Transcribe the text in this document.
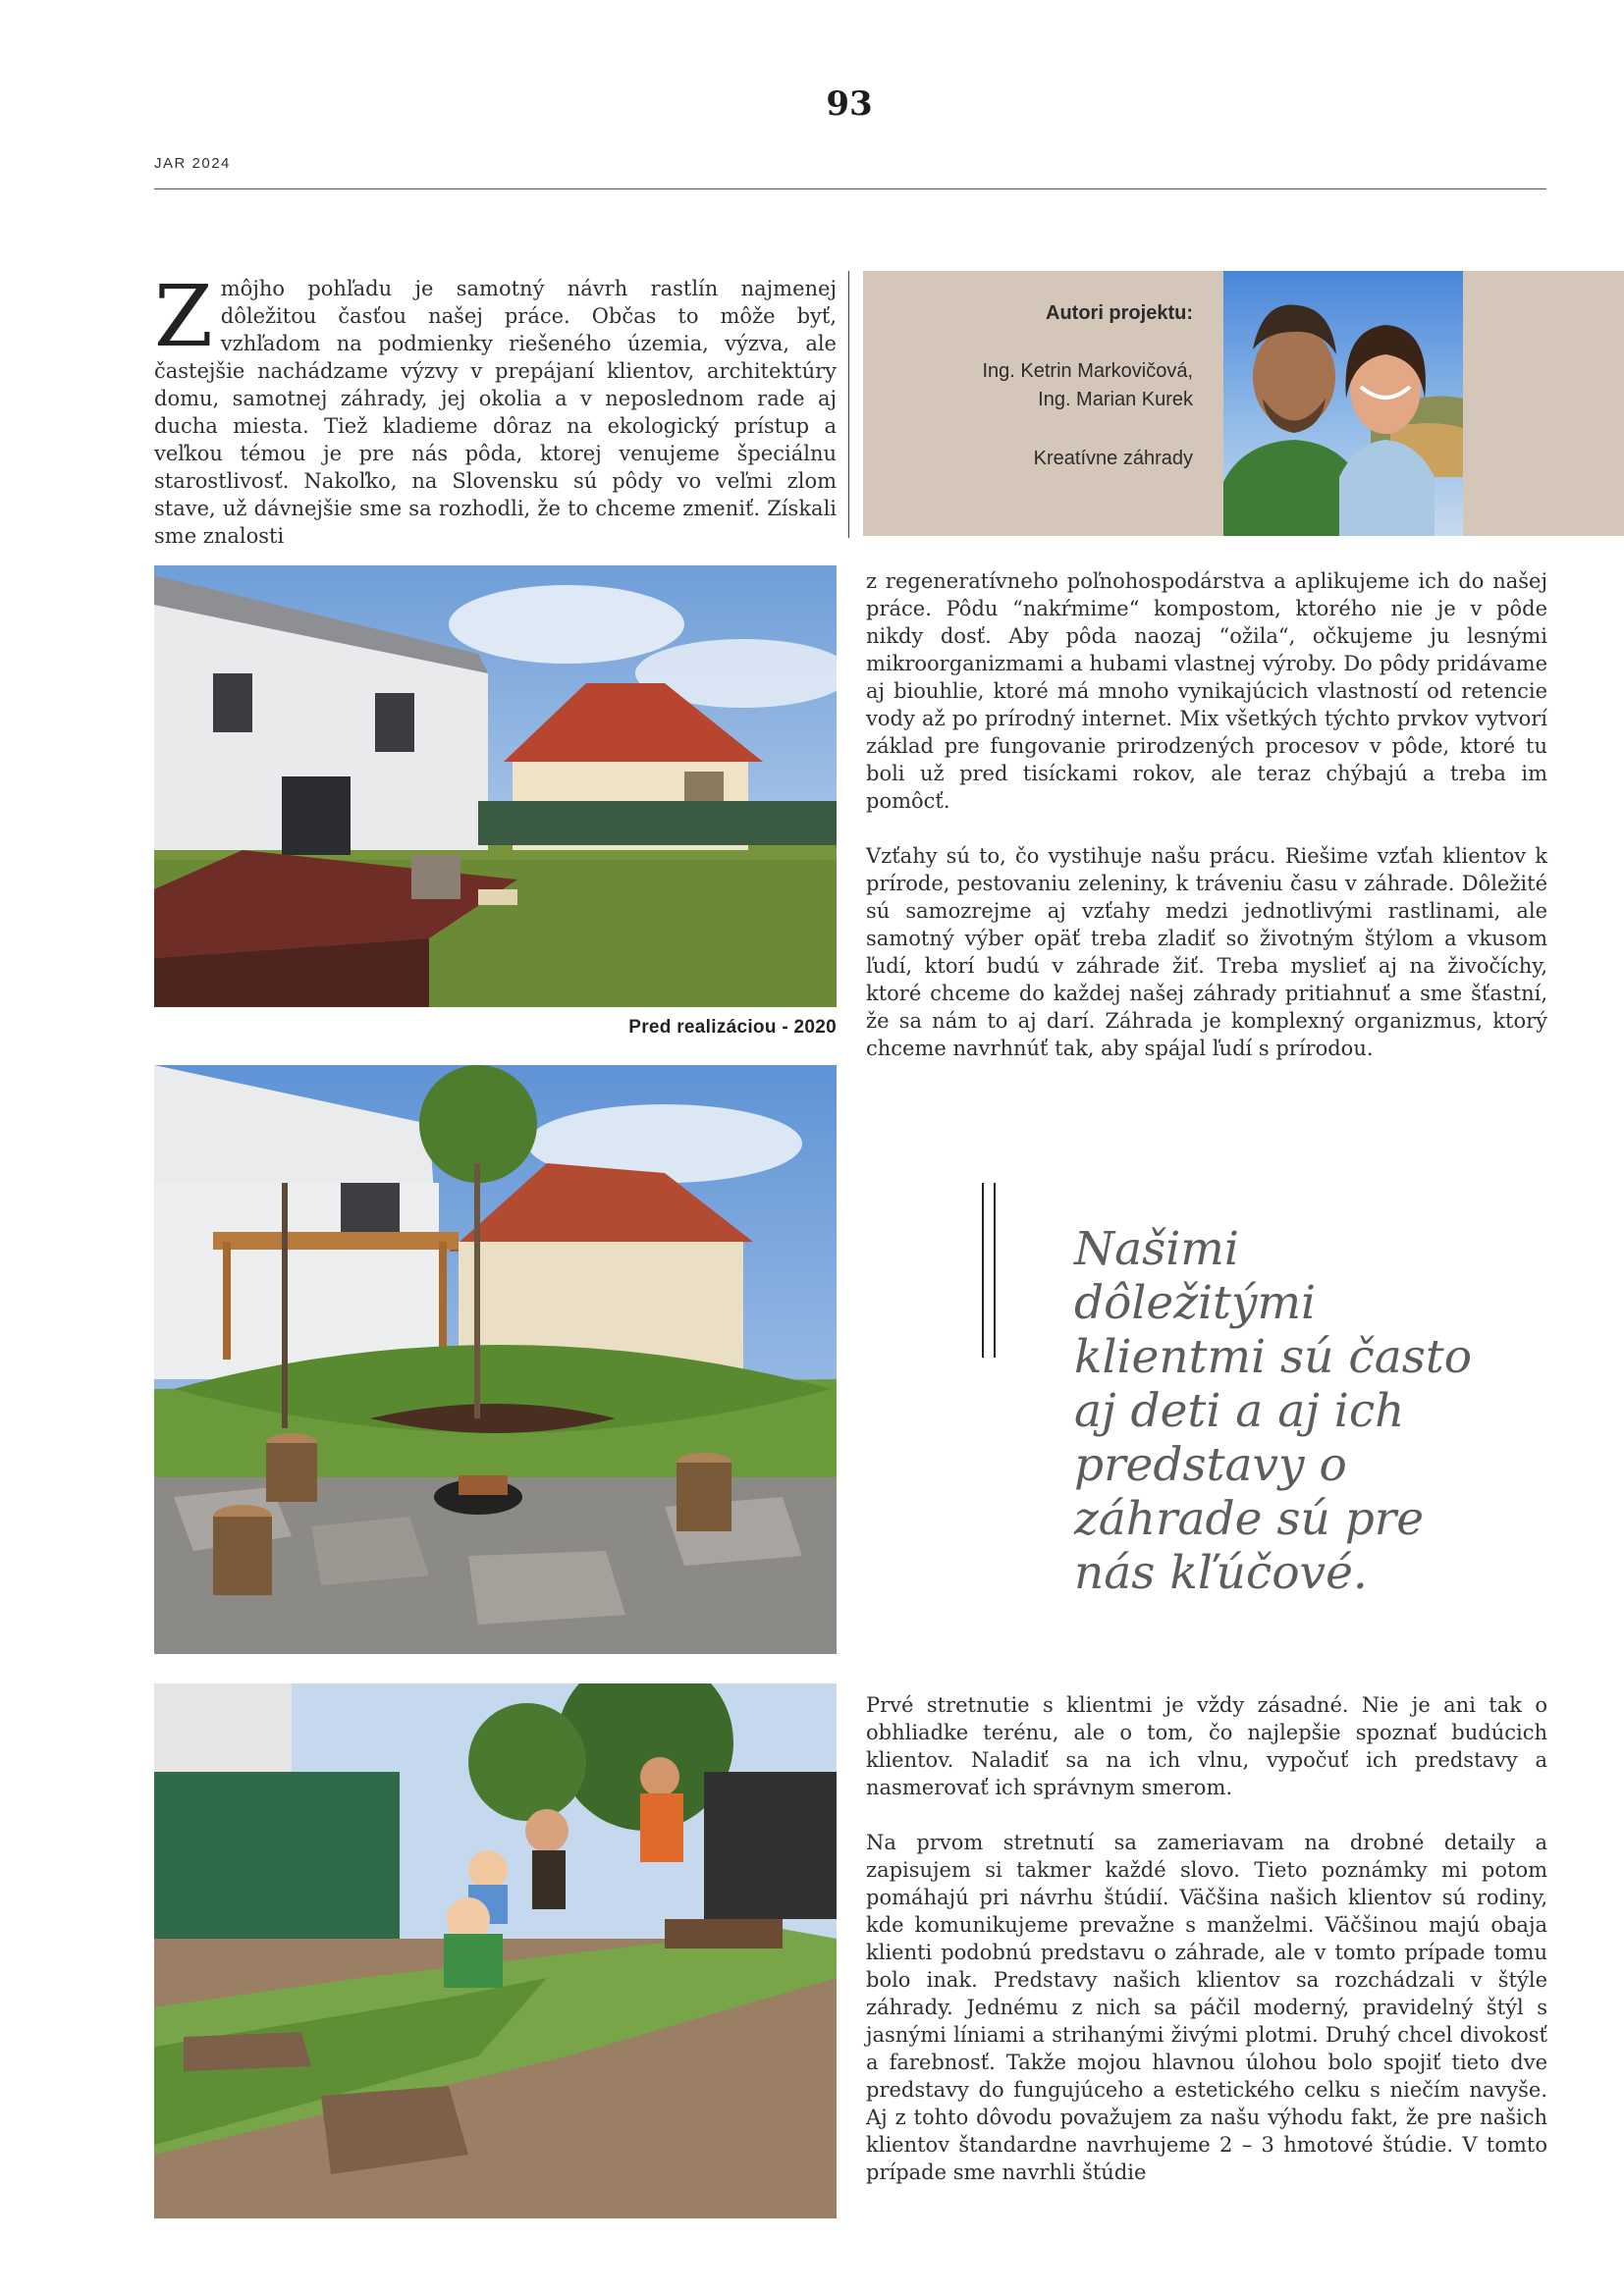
93
JAR 2024
Z môjho pohľadu je samotný návrh rastlín najmenej dôležitou časťou našej práce. Občas to môže byť, vzhľadom na podmienky riešeného územia, výzva, ale častejšie nachádzame výzvy v prepájaní klientov, architektúry domu, samotnej záhrady, jej okolia a v neposlednom rade aj ducha miesta. Tiež kladieme dôraz na ekologický prístup a veľkou témou je pre nás pôda, ktorej venujeme špeciálnu starostlivosť. Nakoľko, na Slovensku sú pôdy vo veľmi zlom stave, už dávnejšie sme sa rozhodli, že to chceme zmeniť. Získali sme znalosti
Autori projektu:
Ing. Ketrin Markovičová,
Ing. Marian Kurek
Kreatívne záhrady
Pred realizáciou - 2020

z regeneratívneho poľnohospodárstva a aplikujeme ich do našej práce. Pôdu “nakŕmime“ kompostom, ktorého nie je v pôde nikdy dosť. Aby pôda naozaj “ožila“, očkujeme ju lesnými mikroorganizmami a hubami vlastnej výroby. Do pôdy pridávame aj biouhlie, ktoré má mnoho vynikajúcich vlastností od retencie vody až po prírodný internet. Mix všetkých týchto prvkov vytvorí základ pre fungovanie prirodzených procesov v pôde, ktoré tu boli už pred tisíckami rokov, ale teraz chýbajú a treba im pomôcť.

Vzťahy sú to, čo vystihuje našu prácu. Riešime vzťah klientov k prírode, pestovaniu zeleniny, k tráveniu času v záhrade. Dôležité sú samozrejme aj vzťahy medzi jednotlivými rastlinami, ale samotný výber opäť treba zladiť so životným štýlom a vkusom ľudí, ktorí budú v záhrade žiť. Treba myslieť aj na živočíchy, ktoré chceme do každej našej záhrady pritiahnuť a sme šťastní, že sa nám to aj darí. Záhrada je komplexný organizmus, ktorý chceme navrhnúť tak, aby spájal ľudí s prírodou.

Našimi
dôležitými
klientmi sú často
aj deti a aj ich
predstavy o
záhrade sú pre
nás kľúčové.

Prvé stretnutie s klientmi je vždy zásadné. Nie je ani tak o obhliadke terénu, ale o tom, čo najlepšie spoznať budúcich klientov. Naladiť sa na ich vlnu, vypočuť ich predstavy a nasmerovať ich správnym smerom.

Na prvom stretnutí sa zameriavam na drobné detaily a zapisujem si takmer každé slovo. Tieto poznámky mi potom pomáhajú pri návrhu štúdií. Väčšina našich klientov sú rodiny, kde komunikujeme prevažne s manželmi. Väčšinou majú obaja klienti podobnú predstavu o záhrade, ale v tomto prípade tomu bolo inak. Predstavy našich klientov sa rozchádzali v štýle záhrady. Jednému z nich sa páčil moderný, pravidelný štýl s jasnými líniami a strihanými živými plotmi. Druhý chcel divokosť a farebnosť. Takže mojou hlavnou úlohou bolo spojiť tieto dve predstavy do fungujúceho a estetického celku s niečím navyše. Aj z tohto dôvodu považujem za našu výhodu fakt, že pre našich klientov štandardne navrhujeme 2 – 3 hmotové štúdie. V tomto prípade sme navrhli štúdie
